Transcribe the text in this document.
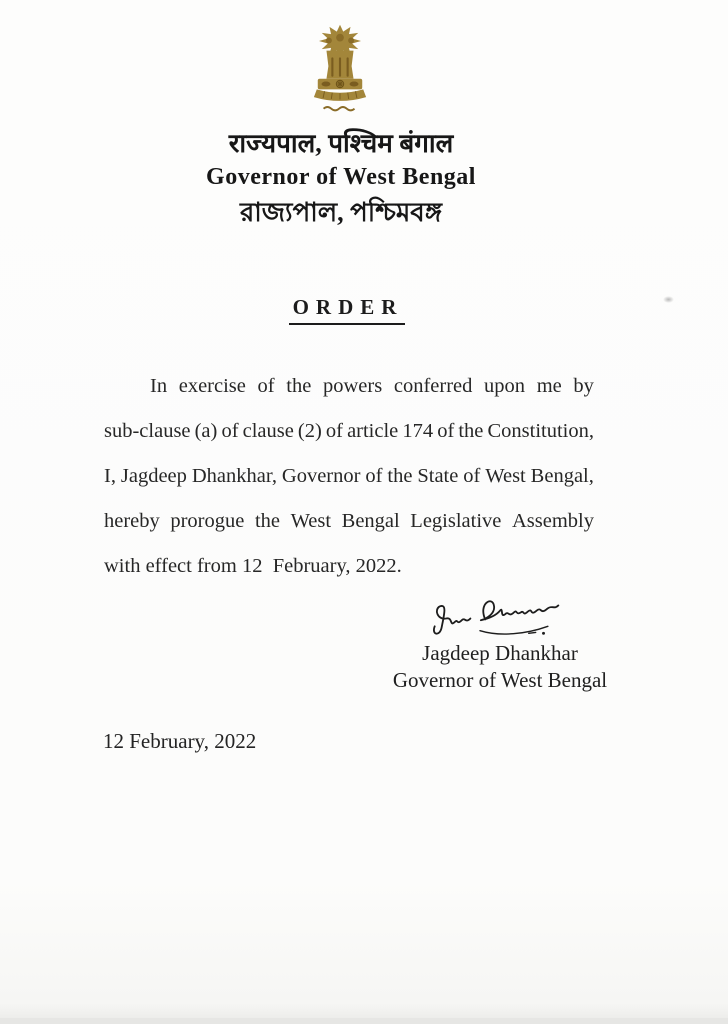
राज्यपाल, पश्चिम बंगाल
Governor of West Bengal
রাজ্যপাল, পশ্চিমবঙ্গ
ORDER
In exercise of the powers conferred upon me by
sub-clause (a) of clause (2) of article 174 of the Constitution,
I, Jagdeep Dhankhar, Governor of the State of West Bengal,
hereby prorogue the West Bengal Legislative Assembly
with effect from 12  February, 2022.
Jagdeep Dhankhar
Governor of West Bengal
12 February, 2022
